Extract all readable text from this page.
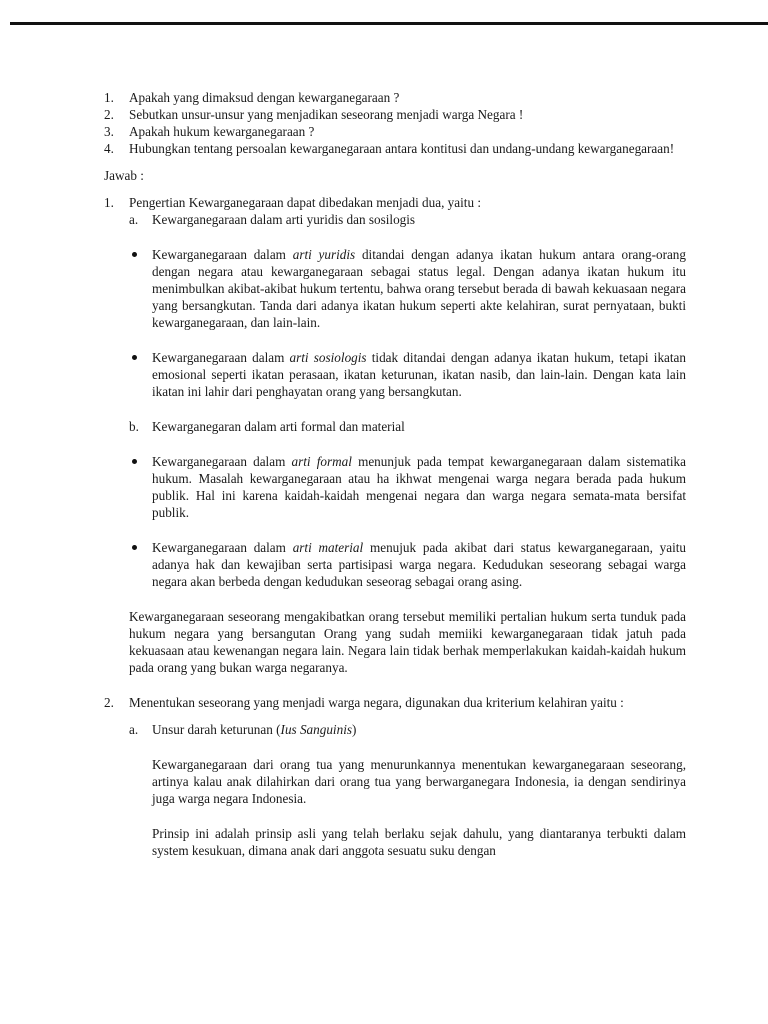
1.	Apakah yang dimaksud dengan kewarganegaraan ?
2.	Sebutkan unsur-unsur yang menjadikan seseorang menjadi warga Negara !
3.	Apakah hukum kewarganegaraan ?
4.	Hubungkan tentang persoalan kewarganegaraan antara kontitusi dan undang-undang kewarganegaraan!
Jawab :
1.	Pengertian Kewarganegaraan dapat dibedakan menjadi dua, yaitu :
a.	Kewarganegaraan dalam arti yuridis dan sosilogis
Kewarganegaraan dalam arti yuridis ditandai dengan adanya ikatan hukum antara orang-orang dengan negara atau kewarganegaraan sebagai status legal. Dengan adanya ikatan hukum itu menimbulkan akibat-akibat hukum tertentu, bahwa orang tersebut berada di bawah kekuasaan negara yang bersangkutan. Tanda dari adanya ikatan hukum seperti akte kelahiran, surat pernyataan, bukti kewarganegaraan, dan lain-lain.
Kewarganegaraan dalam arti sosiologis tidak ditandai dengan adanya ikatan hukum, tetapi ikatan emosional seperti ikatan perasaan, ikatan keturunan, ikatan nasib, dan lain-lain. Dengan kata lain ikatan ini lahir dari penghayatan orang yang bersangkutan.
b. Kewarganegaran dalam arti formal dan material
Kewarganegaraan dalam arti formal menunjuk pada tempat kewarganegaraan dalam sistematika hukum. Masalah kewarganegaraan atau ha ikhwat mengenai warga negara berada pada hukum publik. Hal ini karena kaidah-kaidah mengenai negara dan warga negara semata-mata bersifat publik.
Kewarganegaraan dalam arti material menujuk pada akibat dari status kewarganegaraan, yaitu adanya hak dan kewajiban serta partisipasi warga negara. Kedudukan seseorang sebagai warga negara akan berbeda dengan kedudukan seseorag sebagai orang asing.
Kewarganegaraan seseorang mengakibatkan orang tersebut memiliki pertalian hukum serta tunduk pada hukum negara yang bersangutan Orang yang sudah memiiki kewarganegaraan tidak jatuh pada kekuasaan atau kewenangan negara lain. Negara lain tidak berhak memperlakukan kaidah-kaidah hukum pada orang yang bukan warga negaranya.
2.	Menentukan seseorang yang menjadi warga negara, digunakan dua kriterium kelahiran yaitu :
a.	Unsur darah keturunan (Ius Sanguinis)
Kewarganegaraan dari orang tua yang menurunkannya menentukan kewarganegaraan seseorang, artinya kalau anak dilahirkan dari orang tua yang berwarganegara Indonesia, ia dengan sendirinya juga warga negara Indonesia.
Prinsip ini adalah prinsip asli yang telah berlaku sejak dahulu, yang diantaranya terbukti dalam system kesukuan, dimana anak dari anggota sesuatu suku dengan
